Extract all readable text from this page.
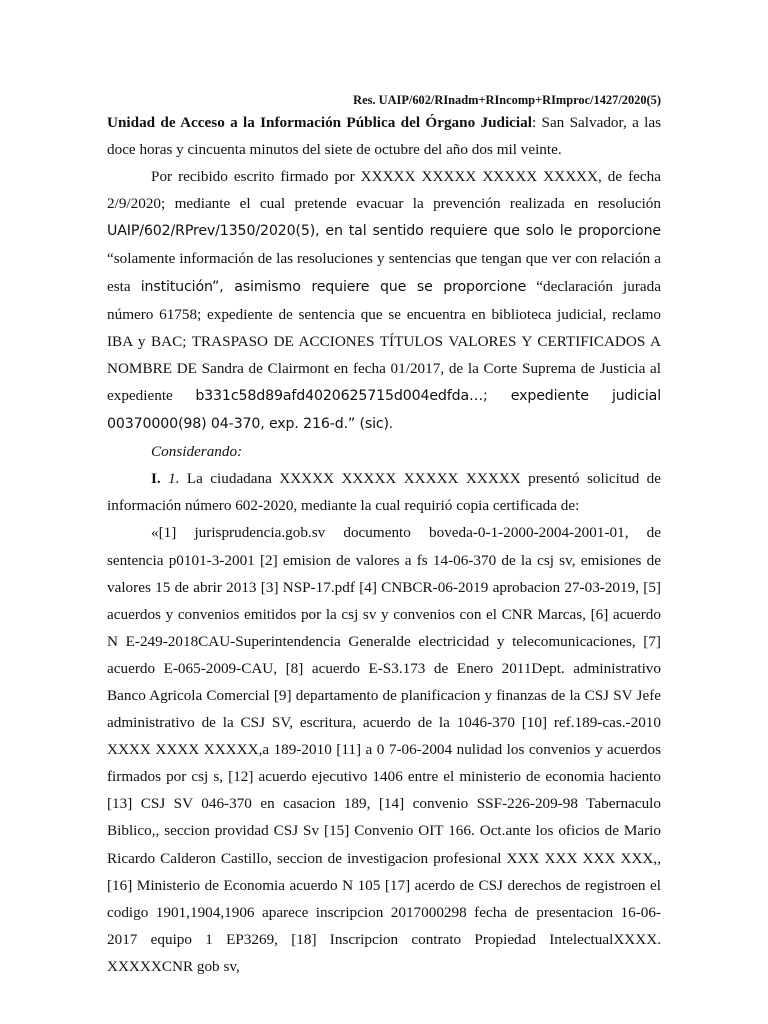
Res. UAIP/602/RInadm+RIncomp+RImproc/1427/2020(5)

Unidad de Acceso a la Información Pública del Órgano Judicial: San Salvador, a las doce horas y cincuenta minutos del siete de octubre del año dos mil veinte.

Por recibido escrito firmado por XXXXX XXXXX XXXXX XXXXX, de fecha 2/9/2020; mediante el cual pretende evacuar la prevención realizada en resolución UAIP/602/RPrev/1350/2020(5), en tal sentido requiere que solo le proporcione “solamente información de las resoluciones y sentencias que tengan que ver con relación a esta institución”, asimismo requiere que se proporcione “declaración jurada número 61758; expediente de sentencia que se encuentra en biblioteca judicial, reclamo IBA y BAC; TRASPASO DE ACCIONES TÍTULOS VALORES Y CERTIFICADOS A NOMBRE DE Sandra de Clairmont en fecha 01/2017, de la Corte Suprema de Justicia al expediente b331c58d89afd4020625715d004edfda…; expediente judicial 00370000(98) 04-370, exp. 216-d.” (sic).

Considerando:

I. 1. La ciudadana XXXXX XXXXX XXXXX XXXXX presentó solicitud de información número 602-2020, mediante la cual requirió copia certificada de:

«[1] jurisprudencia.gob.sv documento boveda-0-1-2000-2004-2001-01, de sentencia p0101-3-2001 [2] emision de valores a fs 14-06-370 de la csj sv, emisiones de valores 15 de abrir 2013 [3] NSP-17.pdf [4] CNBCR-06-2019 aprobacion 27-03-2019, [5] acuerdos y convenios emitidos por la csj sv y convenios con el CNR Marcas, [6] acuerdo N E-249-2018CAU-Superintendencia Generalde electricidad y telecomunicaciones, [7] acuerdo E-065-2009-CAU, [8] acuerdo E-S3.173 de Enero 2011Dept. administrativo Banco Agricola Comercial [9] departamento de planificacion y finanzas de la CSJ SV Jefe administrativo de la CSJ SV, escritura, acuerdo de la 1046-370 [10] ref.189-cas.-2010 XXXX XXXX XXXXX,a 189-2010 [11] a 0 7-06-2004 nulidad los convenios y acuerdos firmados por csj s, [12] acuerdo ejecutivo 1406 entre el ministerio de economia haciento [13] CSJ SV 046-370 en casacion 189, [14] convenio SSF-226-209-98 Tabernaculo Biblico,, seccion providad CSJ Sv [15] Convenio OIT 166. Oct.ante los oficios de Mario Ricardo Calderon Castillo, seccion de investigacion profesional XXX XXX XXX XXX,, [16] Ministerio de Economia acuerdo N 105 [17] acerdo de CSJ derechos de registroen el codigo 1901,1904,1906 aparece inscripcion 2017000298 fecha de presentacion 16-06-2017 equipo 1 EP3269, [18] Inscripcion contrato Propiedad IntelectualXXXX. XXXXXCNR gob sv,
